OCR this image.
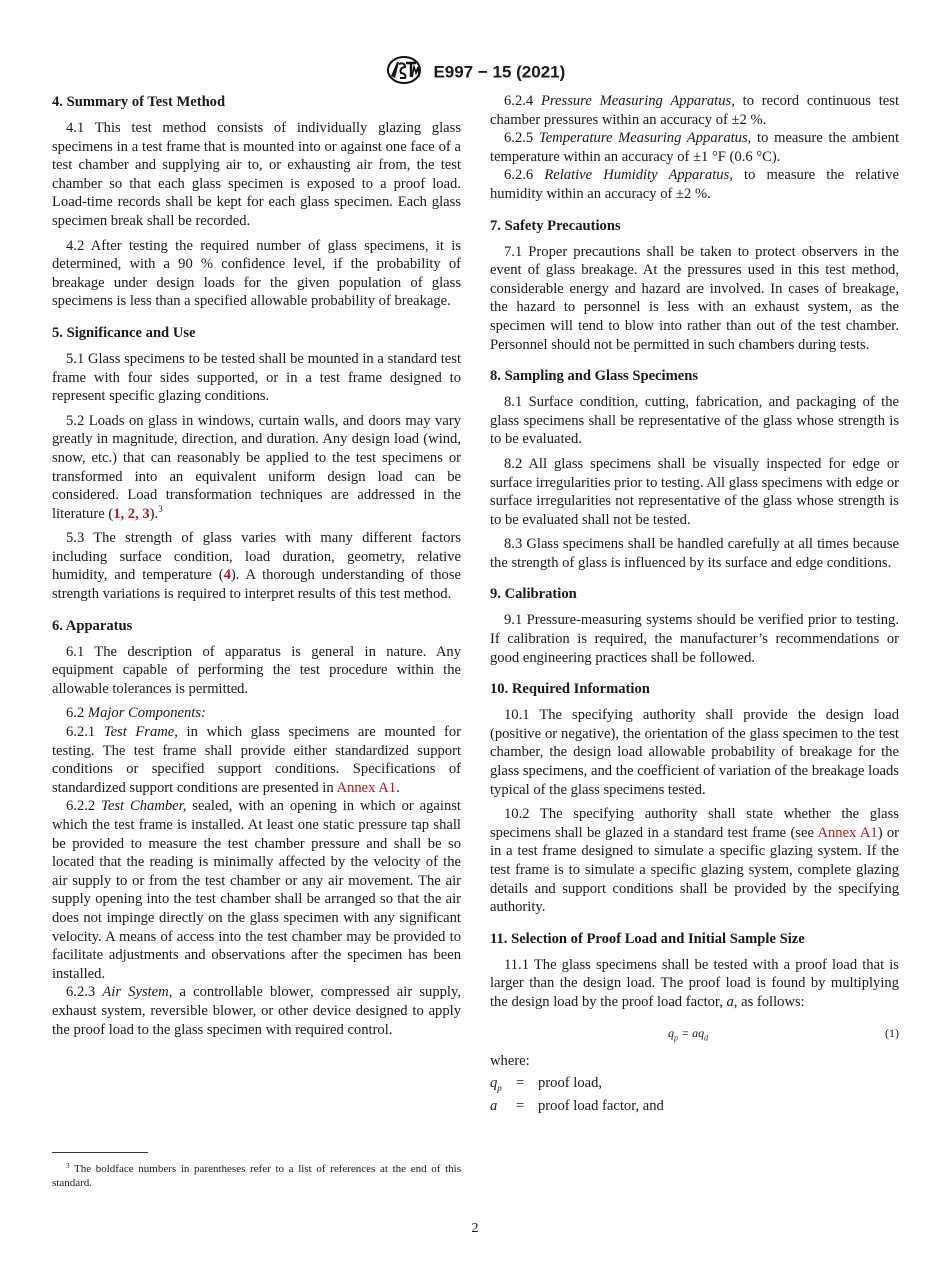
E997 − 15 (2021)
4. Summary of Test Method

4.1 This test method consists of individually glazing glass specimens in a test frame that is mounted into or against one face of a test chamber and supplying air to, or exhausting air from, the test chamber so that each glass specimen is exposed to a proof load. Load-time records shall be kept for each glass specimen. Each glass specimen break shall be recorded.

4.2 After testing the required number of glass specimens, it is determined, with a 90 % confidence level, if the probability of breakage under design loads for the given population of glass specimens is less than a specified allowable probability of breakage.

5. Significance and Use

5.1 Glass specimens to be tested shall be mounted in a standard test frame with four sides supported, or in a test frame designed to represent specific glazing conditions.

5.2 Loads on glass in windows, curtain walls, and doors may vary greatly in magnitude, direction, and duration. Any design load (wind, snow, etc.) that can reasonably be applied to the test specimens or transformed into an equivalent uniform design load can be considered. Load transformation techniques are addressed in the literature (1, 2, 3).$^3$

5.3 The strength of glass varies with many different factors including surface condition, load duration, geometry, relative humidity, and temperature (4). A thorough understanding of those strength variations is required to interpret results of this test method.

6. Apparatus

6.1 The description of apparatus is general in nature. Any equipment capable of performing the test procedure within the allowable tolerances is permitted.

6.2 Major Components:

6.2.1 Test Frame, in which glass specimens are mounted for testing. The test frame shall provide either standardized support conditions or specified support conditions. Specifications of standardized support conditions are presented in Annex A1.

6.2.2 Test Chamber, sealed, with an opening in which or against which the test frame is installed. At least one static pressure tap shall be provided to measure the test chamber pressure and shall be so located that the reading is minimally affected by the velocity of the air supply to or from the test chamber or any air movement. The air supply opening into the test chamber shall be arranged so that the air does not impinge directly on the glass specimen with any significant velocity. A means of access into the test chamber may be provided to facilitate adjustments and observations after the specimen has been installed.

6.2.3 Air System, a controllable blower, compressed air supply, exhaust system, reversible blower, or other device designed to apply the proof load to the glass specimen with required control.

6.2.4 Pressure Measuring Apparatus, to record continuous test chamber pressures within an accuracy of ±2 %.

6.2.5 Temperature Measuring Apparatus, to measure the ambient temperature within an accuracy of ±1 °F (0.6 °C).

6.2.6 Relative Humidity Apparatus, to measure the relative humidity within an accuracy of ±2 %.

7. Safety Precautions

7.1 Proper precautions shall be taken to protect observers in the event of glass breakage. At the pressures used in this test method, considerable energy and hazard are involved. In cases of breakage, the hazard to personnel is less with an exhaust system, as the specimen will tend to blow into rather than out of the test chamber. Personnel should not be permitted in such chambers during tests.

8. Sampling and Glass Specimens

8.1 Surface condition, cutting, fabrication, and packaging of the glass specimens shall be representative of the glass whose strength is to be evaluated.

8.2 All glass specimens shall be visually inspected for edge or surface irregularities prior to testing. All glass specimens with edge or surface irregularities not representative of the glass whose strength is to be evaluated shall not be tested.

8.3 Glass specimens shall be handled carefully at all times because the strength of glass is influenced by its surface and edge conditions.

9. Calibration

9.1 Pressure-measuring systems should be verified prior to testing. If calibration is required, the manufacturer’s recommendations or good engineering practices shall be followed.

10. Required Information

10.1 The specifying authority shall provide the design load (positive or negative), the orientation of the glass specimen to the test chamber, the design load allowable probability of breakage for the glass specimens, and the coefficient of variation of the breakage loads typical of the glass specimens tested.

10.2 The specifying authority shall state whether the glass specimens shall be glazed in a standard test frame (see Annex A1) or in a test frame designed to simulate a specific glazing system. If the test frame is to simulate a specific glazing system, complete glazing details and support conditions shall be provided by the specifying authority.

11. Selection of Proof Load and Initial Sample Size

11.1 The glass specimens shall be tested with a proof load that is larger than the design load. The proof load is found by multiplying the design load by the proof load factor, a, as follows:

$q_p = aq_d$	(1)

where:

$q_p$ = proof load,
a	= proof load factor, and
$^3$ The boldface numbers in parentheses refer to a list of references at the end of this standard.
2
